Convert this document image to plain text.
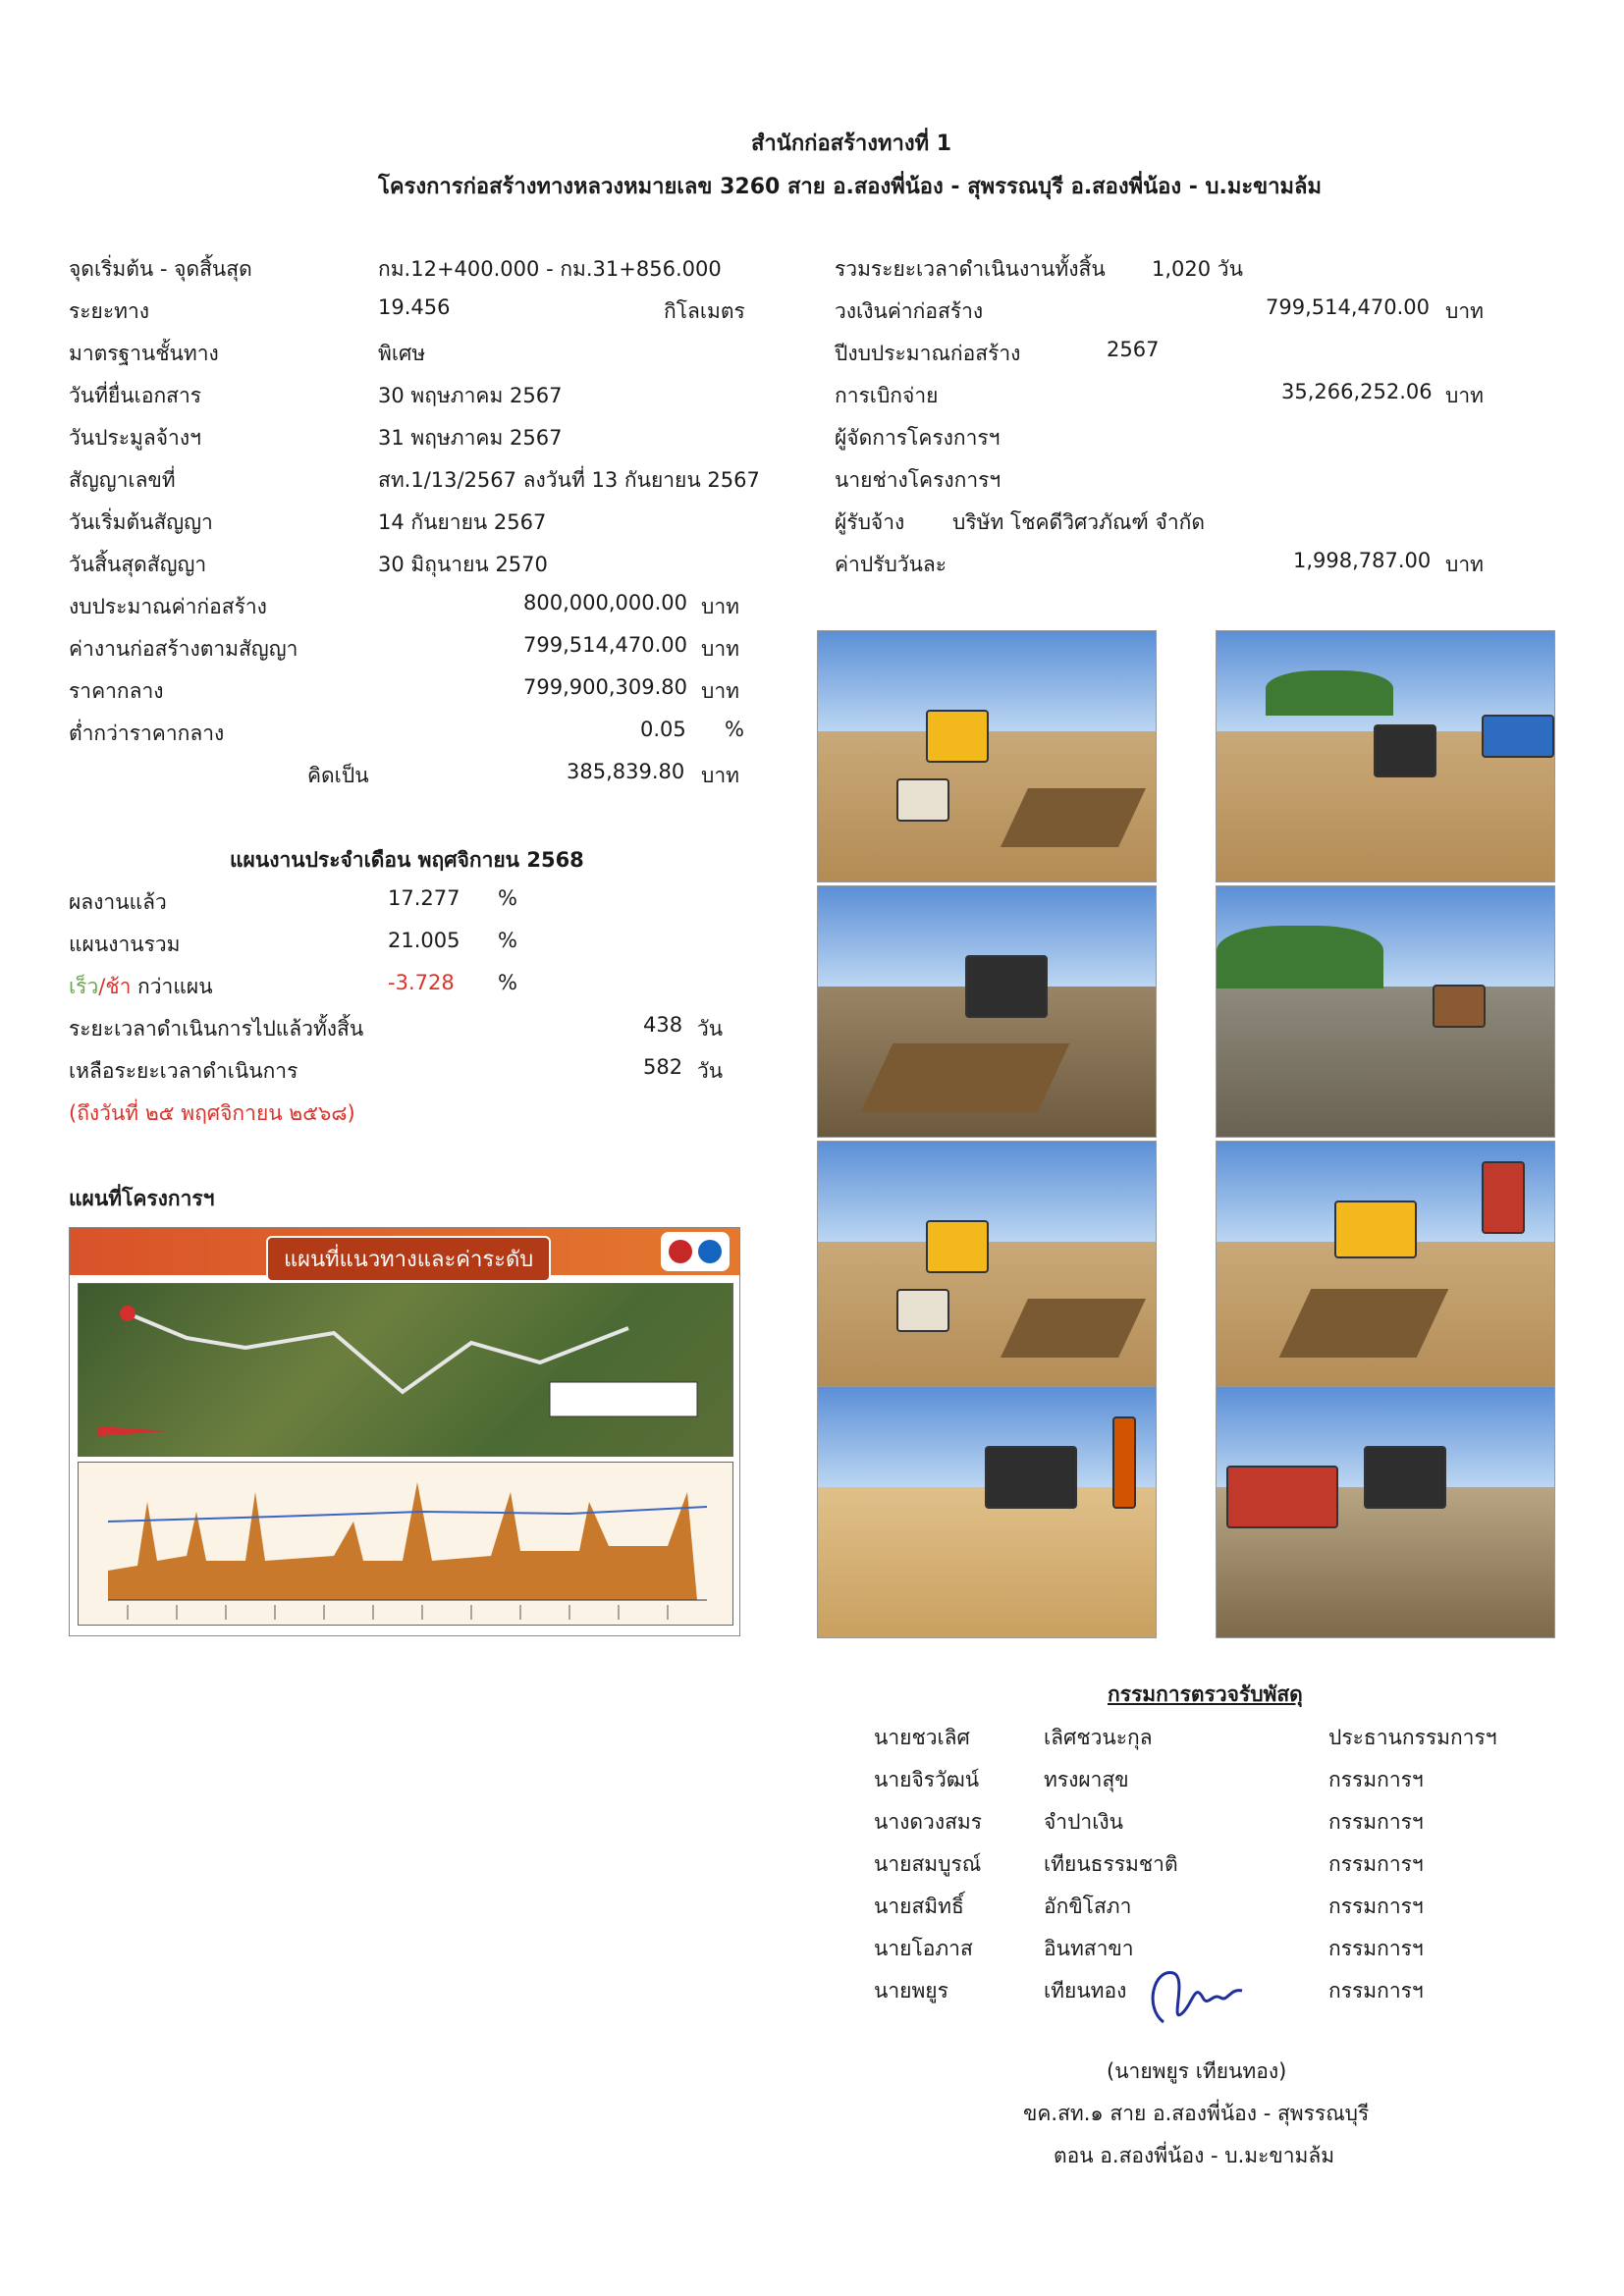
สำนักก่อสร้างทางที่ 1
โครงการก่อสร้างทางหลวงหมายเลข 3260 สาย อ.สองพี่น้อง - สุพรรณบุรี อ.สองพี่น้อง - บ.มะขามล้ม
จุดเริ่มต้น - จุดสิ้นสุด	กม.12+400.000 - กม.31+856.000
ระยะทาง	19.456	กิโลเมตร
มาตรฐานชั้นทาง	พิเศษ
วันที่ยื่นเอกสาร	30 พฤษภาคม 2567
วันประมูลจ้างฯ	31 พฤษภาคม 2567
สัญญาเลขที่	สท.1/13/2567 ลงวันที่ 13 กันยายน 2567
วันเริ่มต้นสัญญา	14 กันยายน 2567
วันสิ้นสุดสัญญา	30 มิถุนายน 2570
งบประมาณค่าก่อสร้าง	800,000,000.00 บาท
ค่างานก่อสร้างตามสัญญา	799,514,470.00 บาท
ราคากลาง	799,900,309.80 บาท
ต่ำกว่าราคากลาง	0.05 %
คิดเป็น	385,839.80 บาท
รวมระยะเวลาดำเนินงานทั้งสิ้น 1,020 วัน
วงเงินค่าก่อสร้าง	799,514,470.00 บาท
ปีงบประมาณก่อสร้าง	2567
การเบิกจ่าย	35,266,252.06 บาท
ผู้จัดการโครงการฯ
นายช่างโครงการฯ
ผู้รับจ้าง บริษัท โชคดีวิศวภัณฑ์ จำกัด
ค่าปรับวันละ	1,998,787.00 บาท
แผนงานประจำเดือน พฤศจิกายน 2568
ผลงานแล้ว	17.277 %
แผนงานรวม	21.005 %
เร็ว/ช้า กว่าแผน	-3.728 %
ระยะเวลาดำเนินการไปแล้วทั้งสิ้น	438 วัน
เหลือระยะเวลาดำเนินการ	582 วัน
(ถึงวันที่ ๒๕ พฤศจิกายน ๒๕๖๘)
แผนที่โครงการฯ
แผนที่แนวทางและค่าระดับ
กรรมการตรวจรับพัสดุ
นายชวเลิศ	เลิศชวนะกุล	ประธานกรรมการฯ
นายจิรวัฒน์	ทรงผาสุข	กรรมการฯ
นางดวงสมร	จำปาเงิน	กรรมการฯ
นายสมบูรณ์	เทียนธรรมชาติ	กรรมการฯ
นายสมิทธิ์	อักขิโสภา	กรรมการฯ
นายโอภาส	อินทสาขา	กรรมการฯ
นายพยูร	เทียนทอง	กรรมการฯ
(นายพยูร เทียนทอง)
ขค.สท.๑ สาย อ.สองพี่น้อง - สุพรรณบุรี
ตอน อ.สองพี่น้อง - บ.มะขามล้ม
